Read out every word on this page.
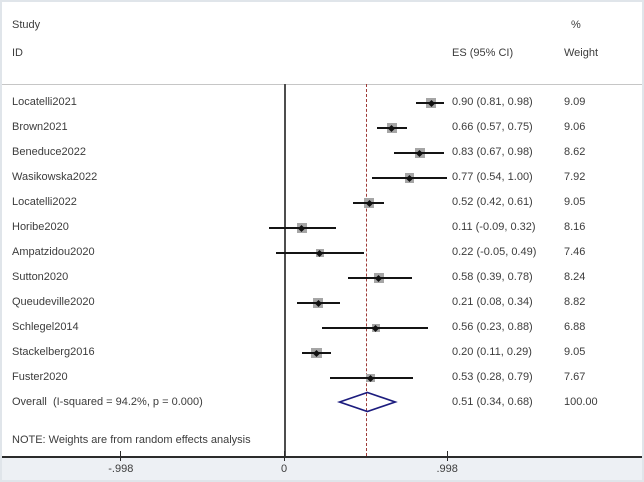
Study
ID	ES (95% CI)
%
Weight
Locatelli2021	0.90 (0.81, 0.98)	9.09
Brown2021	0.66 (0.57, 0.75)	9.06
Beneduce2022	0.83 (0.67, 0.98)	8.62
Wasikowska2022	0.77 (0.54, 1.00)	7.92
Locatelli2022	0.52 (0.42, 0.61)	9.05
Horibe2020	0.11 (-0.09, 0.32)	8.16
Ampatzidou2020	0.22 (-0.05, 0.49)	7.46
Sutton2020	0.58 (0.39, 0.78)	8.24
Queudeville2020	0.21 (0.08, 0.34)	8.82
Schlegel2014	0.56 (0.23, 0.88)	6.88
Stackelberg2016	0.20 (0.11, 0.29)	9.05
Fuster2020	0.53 (0.28, 0.79)	7.67
Overall  (I-squared = 94.2%, p = 0.000)	0.51 (0.34, 0.68)	100.00
NOTE: Weights are from random effects analysis
-.998	0	.998
